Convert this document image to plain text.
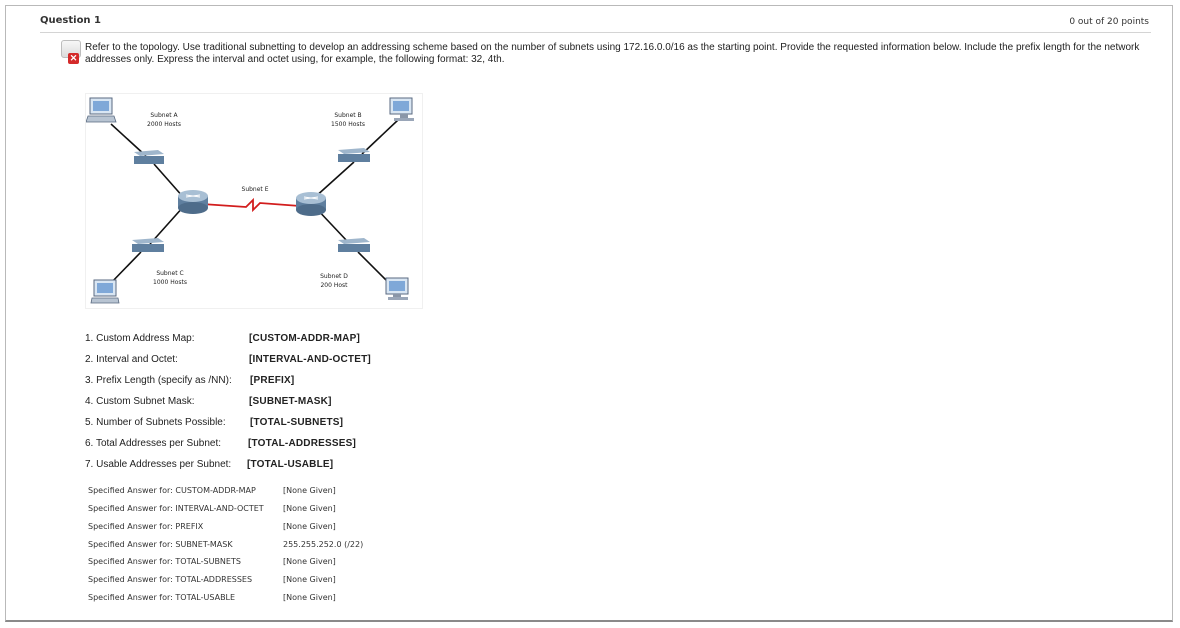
Question 1	0 out of 20 points
✕
Refer to the topology. Use traditional subnetting to develop an addressing scheme based on the number of subnets using 172.16.0.0/16 as the starting point. Provide the requested information below. Include the prefix length for the network addresses only. Express the interval and octet using, for example, the following format: 32, 4th.
Subnet A
2000 Hosts
Subnet B
1500 Hosts
Subnet E
Subnet C
1000 Hosts
Subnet D
200 Host
1. Custom Address Map:	[CUSTOM-ADDR-MAP]
2. Interval and Octet:	[INTERVAL-AND-OCTET]
3. Prefix Length (specify as /NN): [PREFIX]
4. Custom Subnet Mask:	[SUBNET-MASK]
5. Number of Subnets Possible: [TOTAL-SUBNETS]
6. Total Addresses per Subnet:	[TOTAL-ADDRESSES]
7. Usable Addresses per Subnet: [TOTAL-USABLE]
Specified Answer for: CUSTOM-ADDR-MAP	[None Given]
Specified Answer for: INTERVAL-AND-OCTET [None Given]
Specified Answer for: PREFIX	[None Given]
Specified Answer for: SUBNET-MASK	255.255.252.0 (/22)
Specified Answer for: TOTAL-SUBNETS	[None Given]
Specified Answer for: TOTAL-ADDRESSES	[None Given]
Specified Answer for: TOTAL-USABLE	[None Given]
